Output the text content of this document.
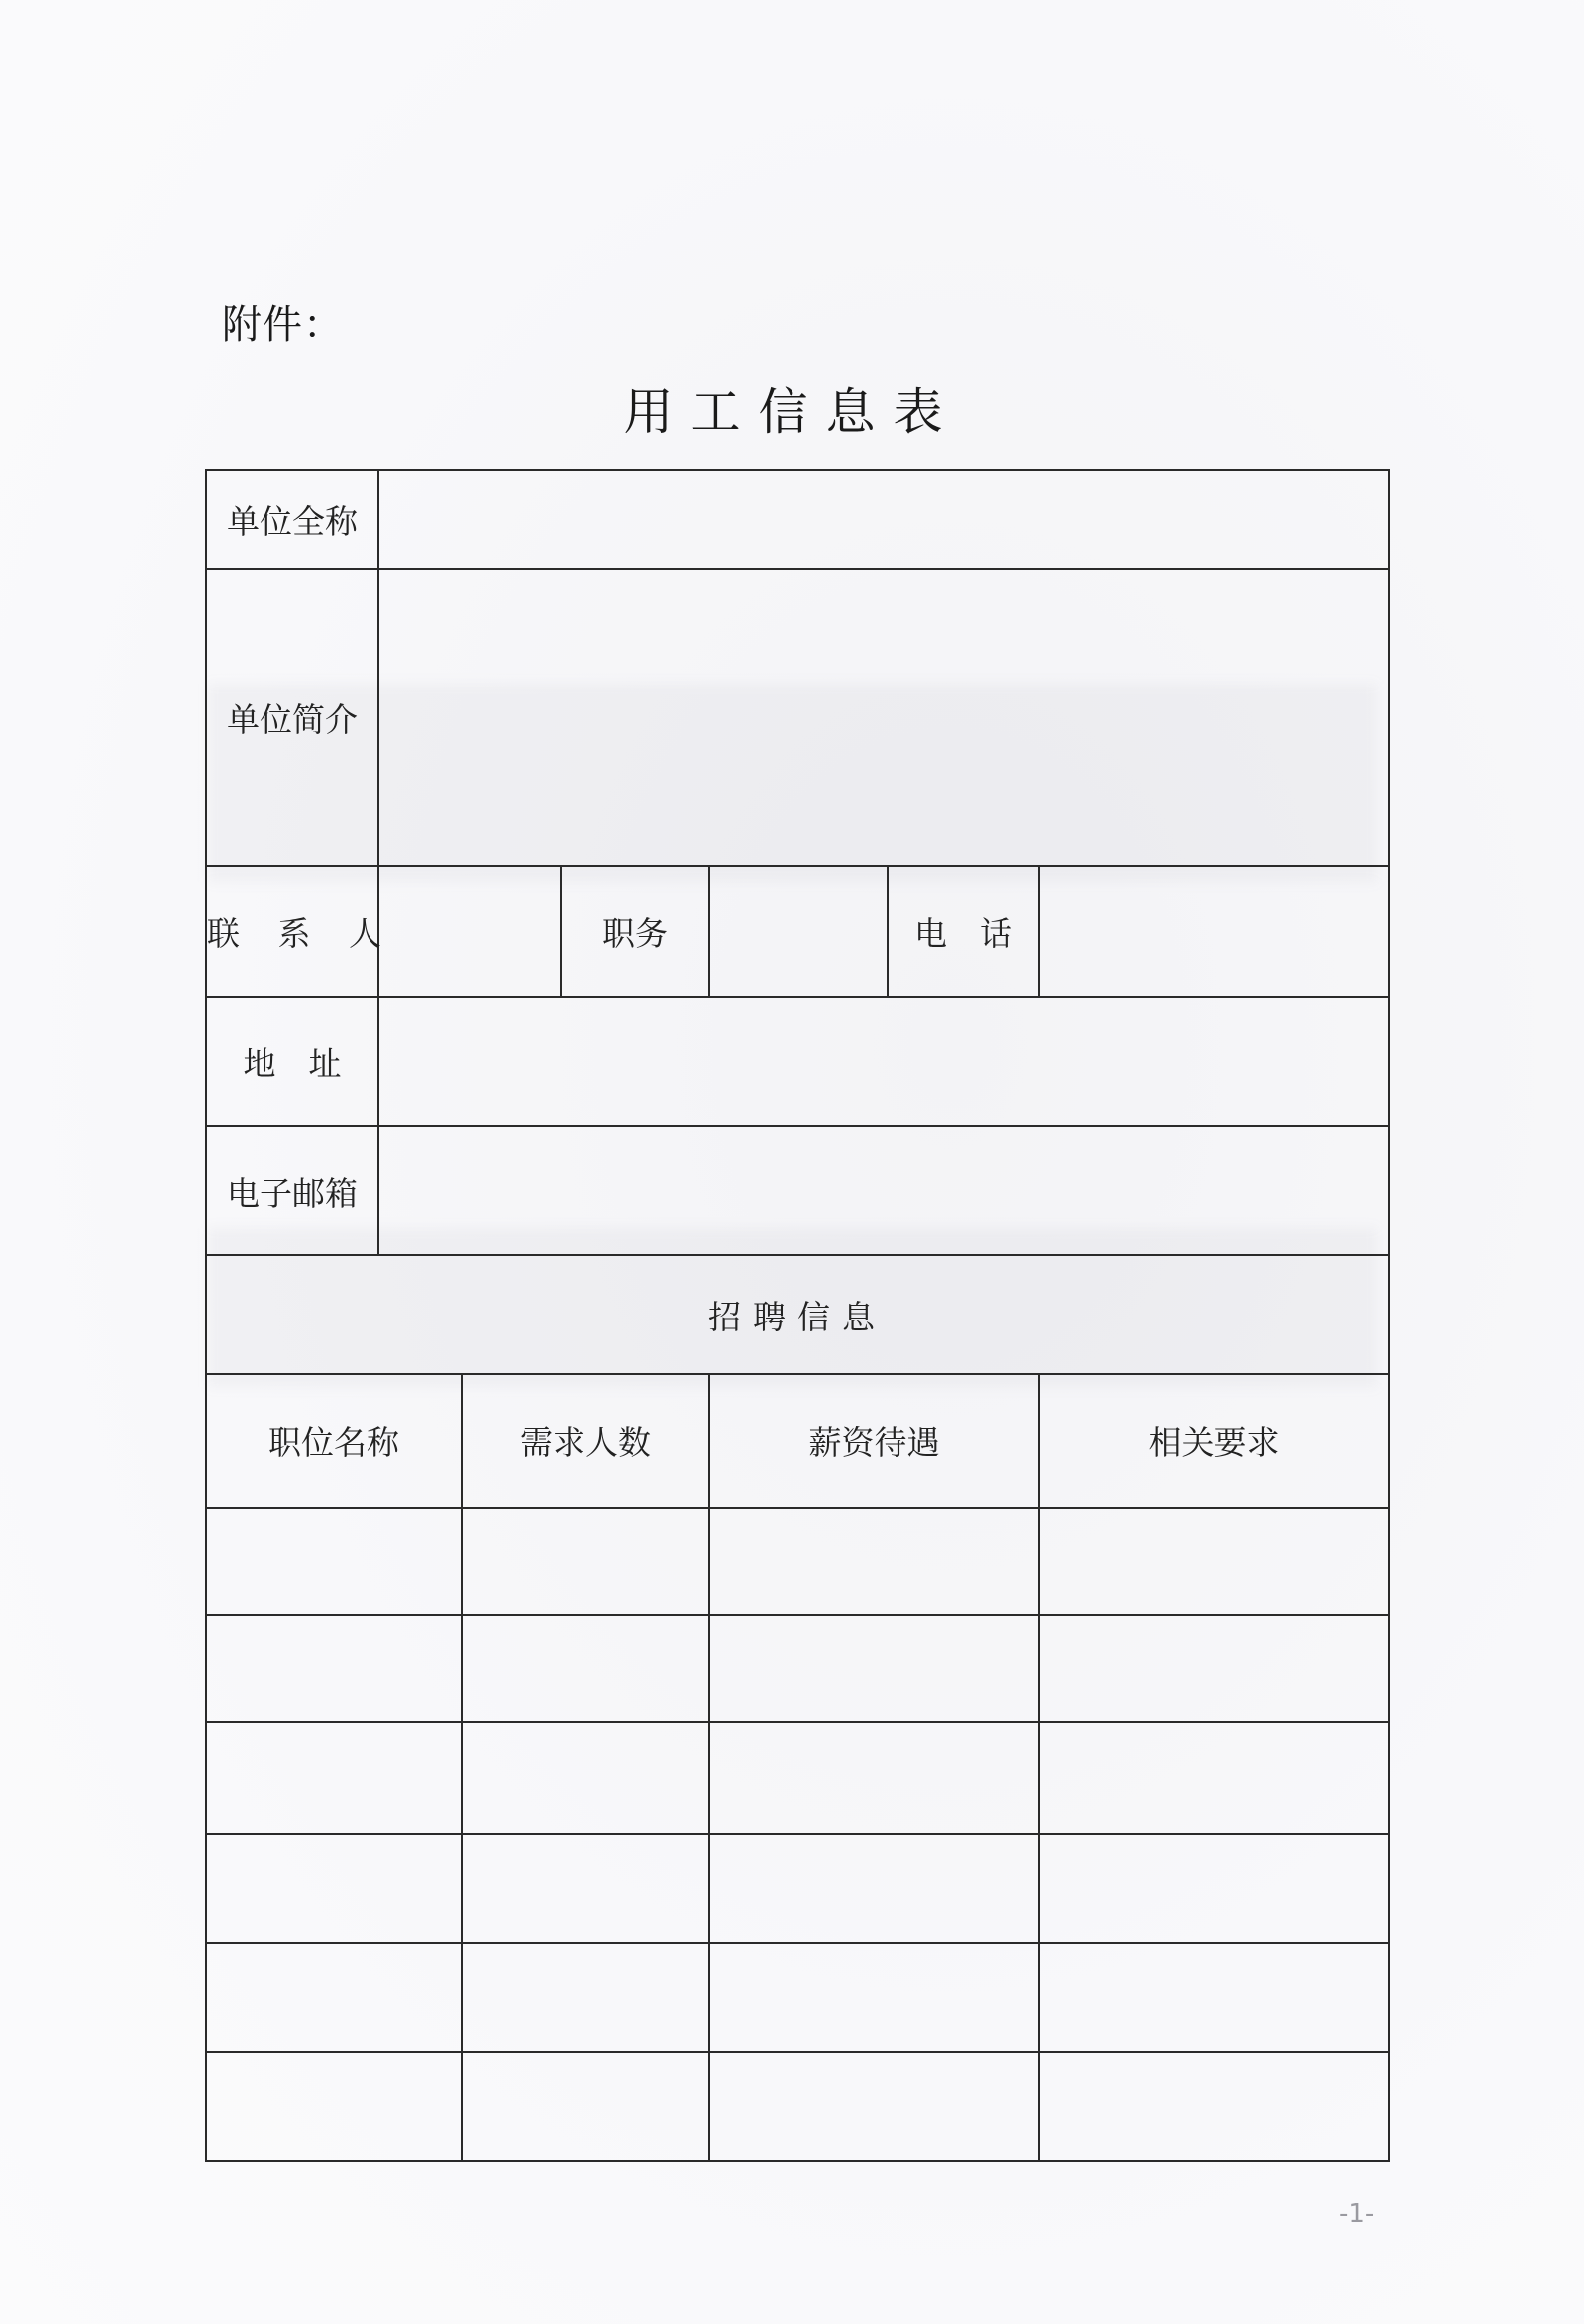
附件：
用工信息表
单位全称						
单位简介						
联 系 人			职务		电　话	
地　址						
电子邮箱						
招聘信息						
职位名称		需求人数		薪资待遇		相关要求

-1-
